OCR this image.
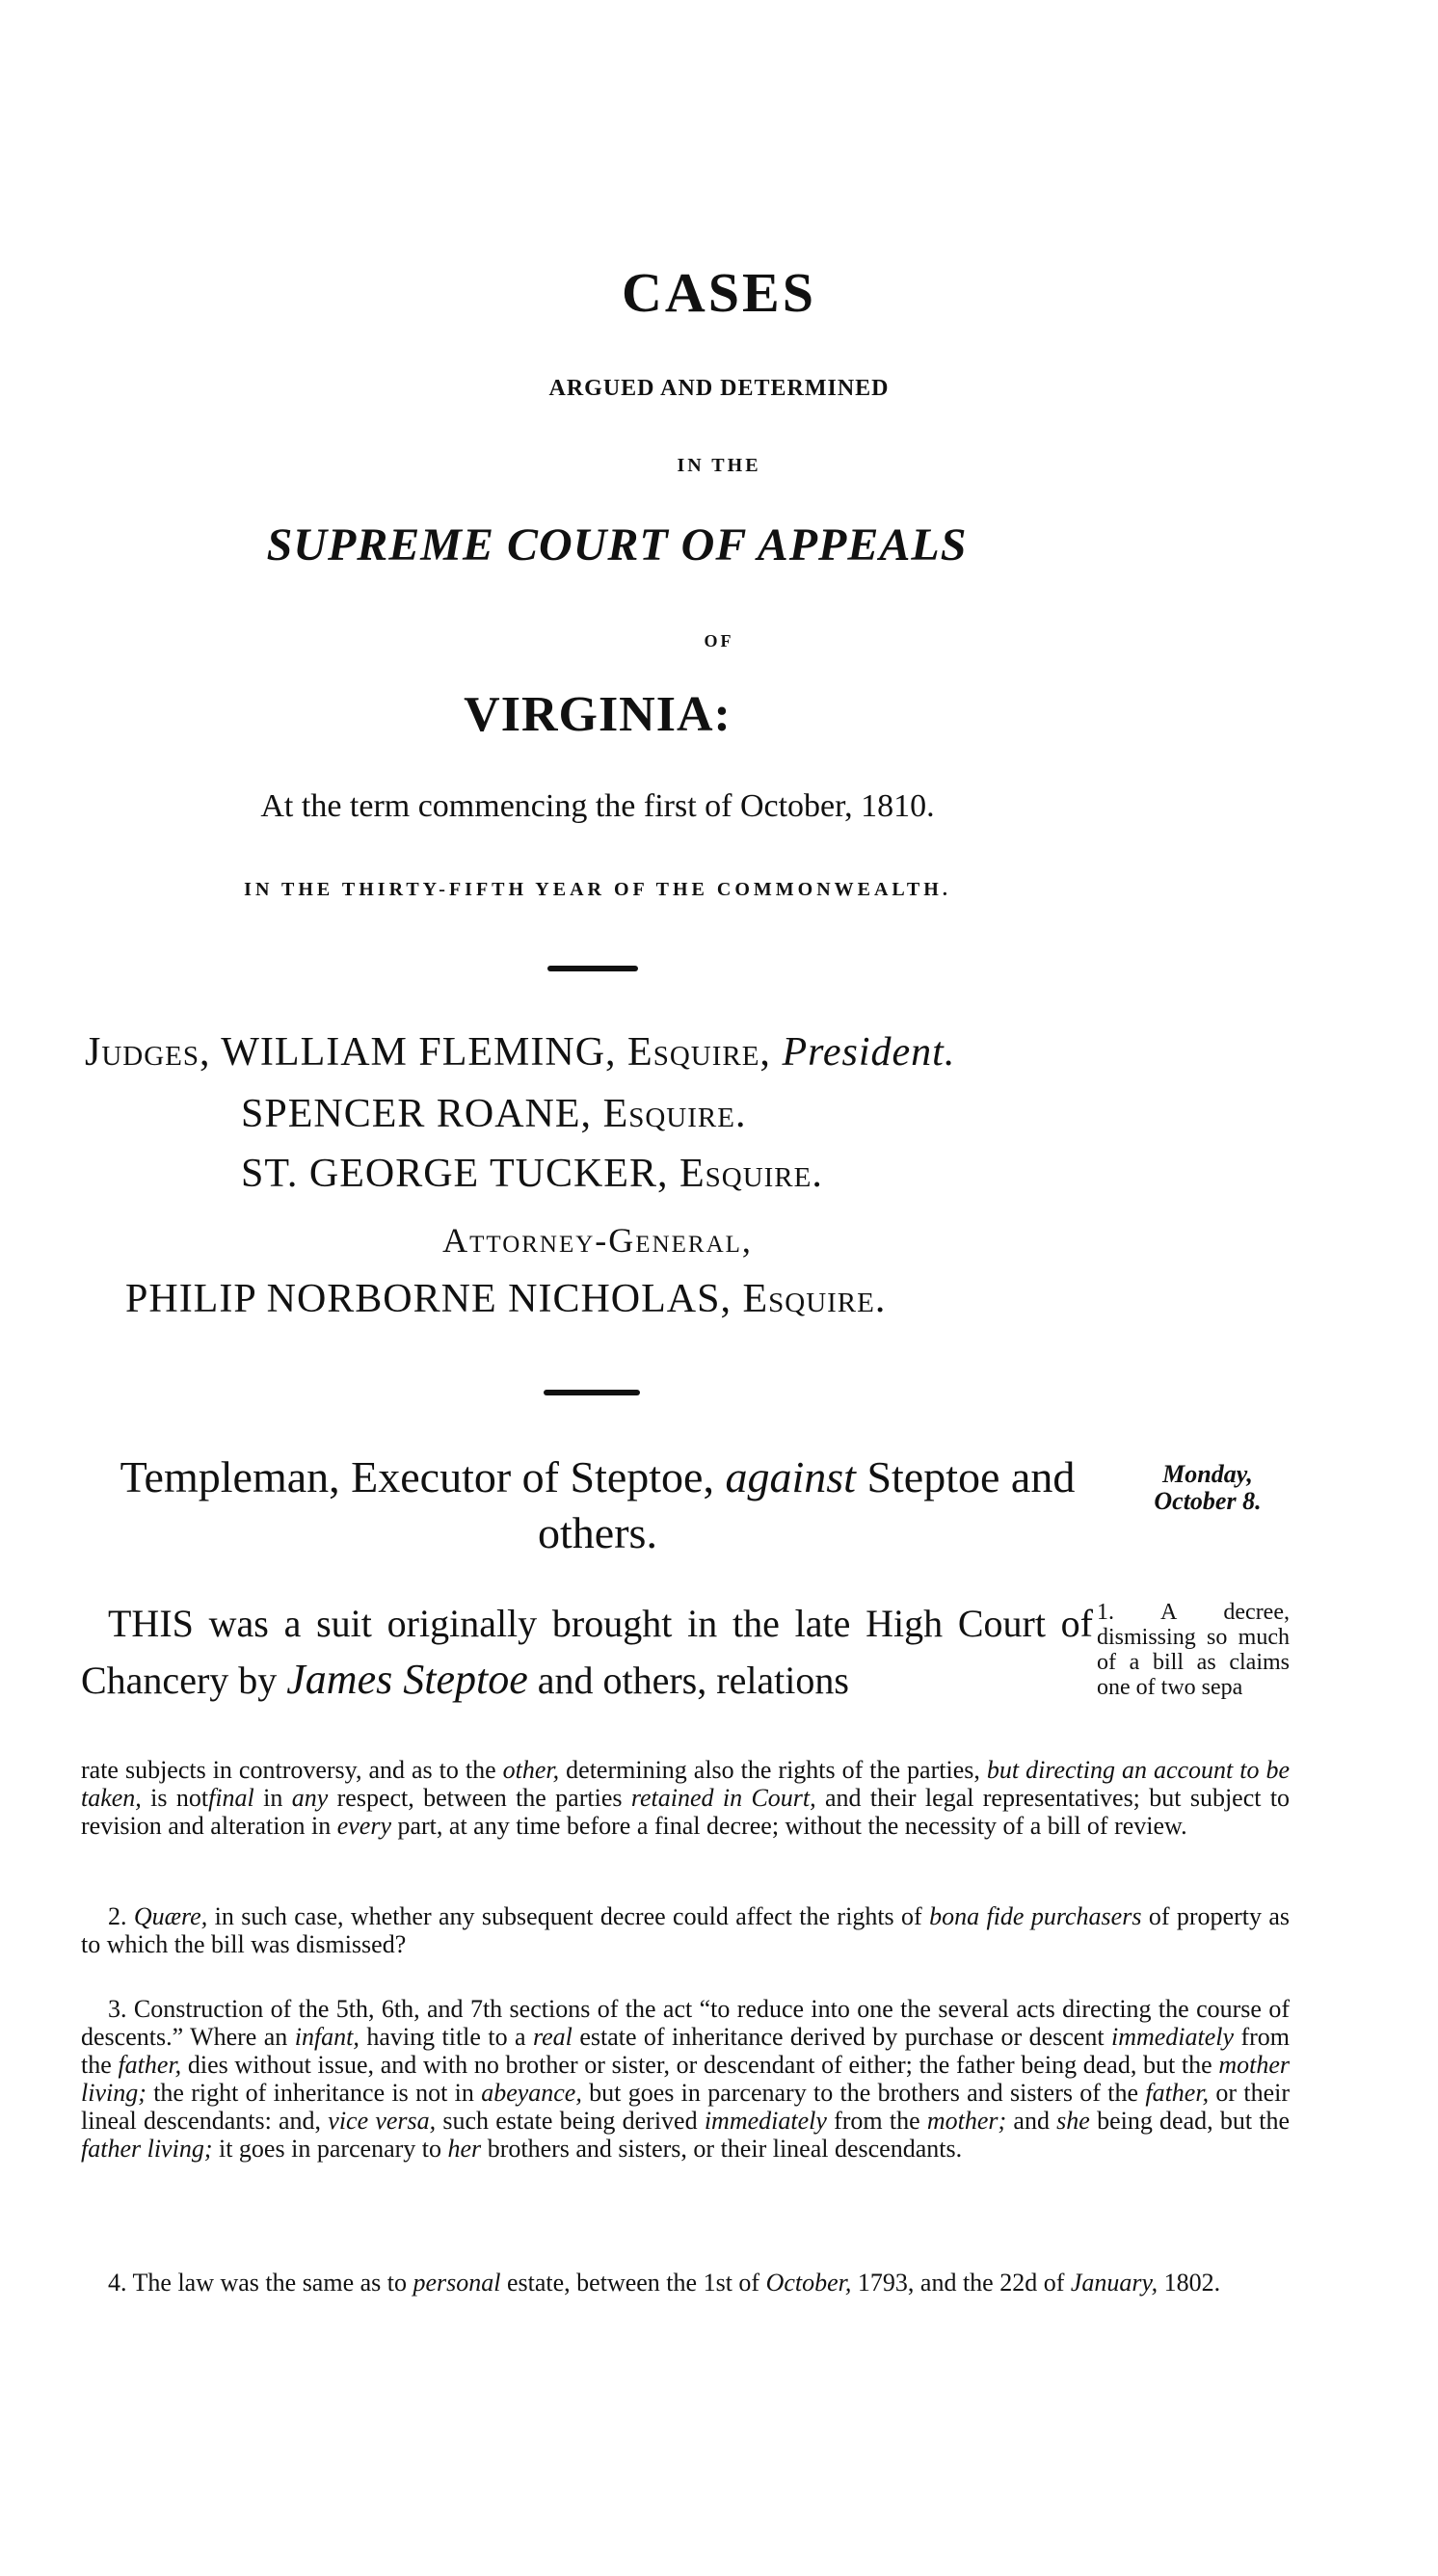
CASES
ARGUED AND DETERMINED
IN THE
SUPREME COURT OF APPEALS
OF
VIRGINIA:
At the term commencing the first of October, 1810.
IN THE THIRTY-FIFTH YEAR OF THE COMMONWEALTH.
Judges, WILLIAM FLEMING, Esquire, President.
SPENCER ROANE, Esquire.
ST. GEORGE TUCKER, Esquire.
Attorney-General,
PHILIP NORBORNE NICHOLAS, Esquire.
Templeman, Executor of Steptoe, against Steptoe and others.
Monday,
October 8.
THIS was a suit originally brought in the late High Court of Chancery by James Steptoe and others, relations
1. A decree, dismissing so much of a bill as claims one of two sepa
rate subjects in controversy, and as to the other, determining also the rights of the parties, but directing an account to be taken, is notfinal in any respect, between the parties retained in Court, and their legal representatives; but subject to revision and alteration in every part, at any time before a final decree; without the necessity of a bill of review.
2. Quære, in such case, whether any subsequent decree could affect the rights of bona fide purchasers of property as to which the bill was dismissed?
3. Construction of the 5th, 6th, and 7th sections of the act “to reduce into one the several acts directing the course of descents.” Where an infant, having title to a real estate of inheritance derived by purchase or descent immediately from the father, dies without issue, and with no brother or sister, or descendant of either; the father being dead, but the mother living; the right of inheritance is not in abeyance, but goes in parcenary to the brothers and sisters of the father, or their lineal descendants: and, vice versa, such estate being derived immediately from the mother; and she being dead, but the father living; it goes in parcenary to her brothers and sisters, or their lineal descendants.
4. The law was the same as to personal estate, between the 1st of October, 1793, and the 22d of January, 1802.
